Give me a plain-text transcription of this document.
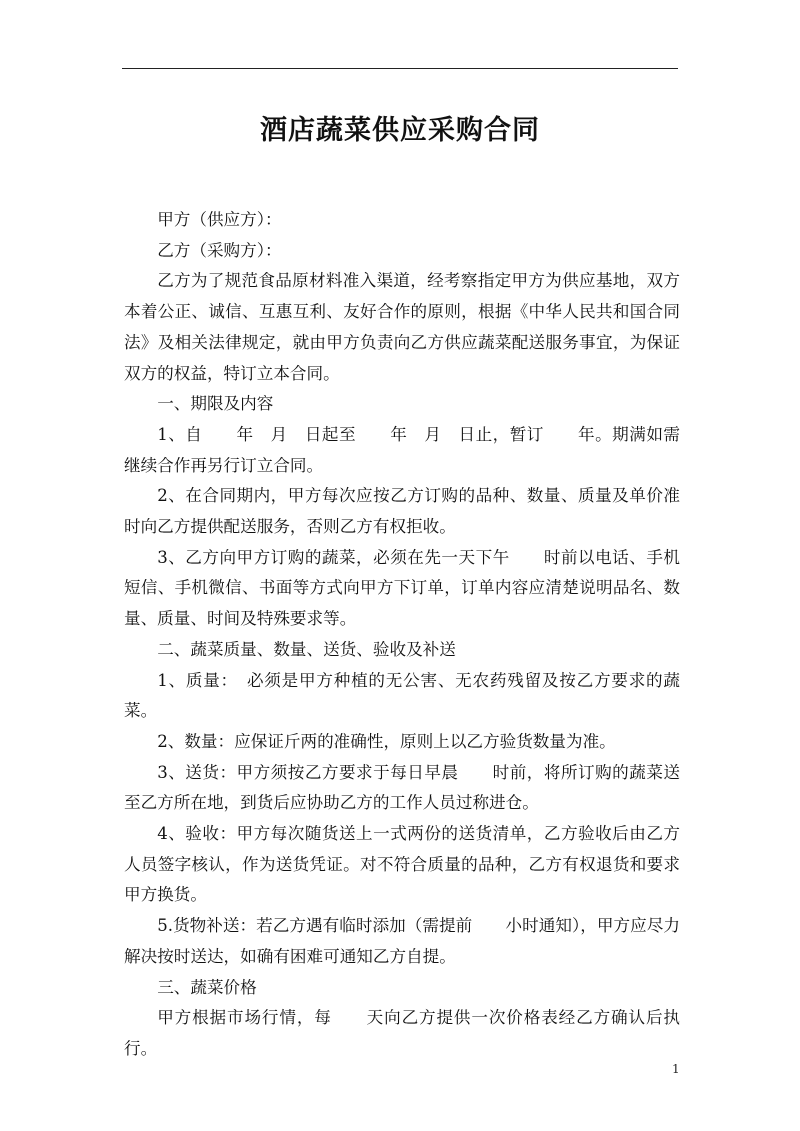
酒店蔬菜供应采购合同

甲方（供应方）：

乙方（采购方）：

乙方为了规范食品原材料准入渠道，经考察指定甲方为供应基地，双方本着公正、诚信、互惠互利、友好合作的原则，根据《中华人民共和国合同法》及相关法律规定，就由甲方负责向乙方供应蔬菜配送服务事宜，为保证双方的权益，特订立本合同。

一、期限及内容

1、自　　年　月　日起至　　年　月　日止，暂订　　年。期满如需继续合作再另行订立合同。

2、在合同期内，甲方每次应按乙方订购的品种、数量、质量及单价准时向乙方提供配送服务，否则乙方有权拒收。

3、乙方向甲方订购的蔬菜，必须在先一天下午　　时前以电话、手机短信、手机微信、书面等方式向甲方下订单，订单内容应清楚说明品名、数量、质量、时间及特殊要求等。

二、蔬菜质量、数量、送货、验收及补送

1、质量：　必须是甲方种植的无公害、无农药残留及按乙方要求的蔬菜。

2、数量：应保证斤两的准确性，原则上以乙方验货数量为准。

3、送货：甲方须按乙方要求于每日早晨　　时前，将所订购的蔬菜送至乙方所在地，到货后应协助乙方的工作人员过称进仓。

4、验收：甲方每次随货送上一式两份的送货清单，乙方验收后由乙方人员签字核认，作为送货凭证。对不符合质量的品种，乙方有权退货和要求甲方换货。

5.货物补送：若乙方遇有临时添加（需提前　　小时通知），甲方应尽力解决按时送达，如确有困难可通知乙方自提。

三、蔬菜价格

甲方根据市场行情，每　　天向乙方提供一次价格表经乙方确认后执行。

1
